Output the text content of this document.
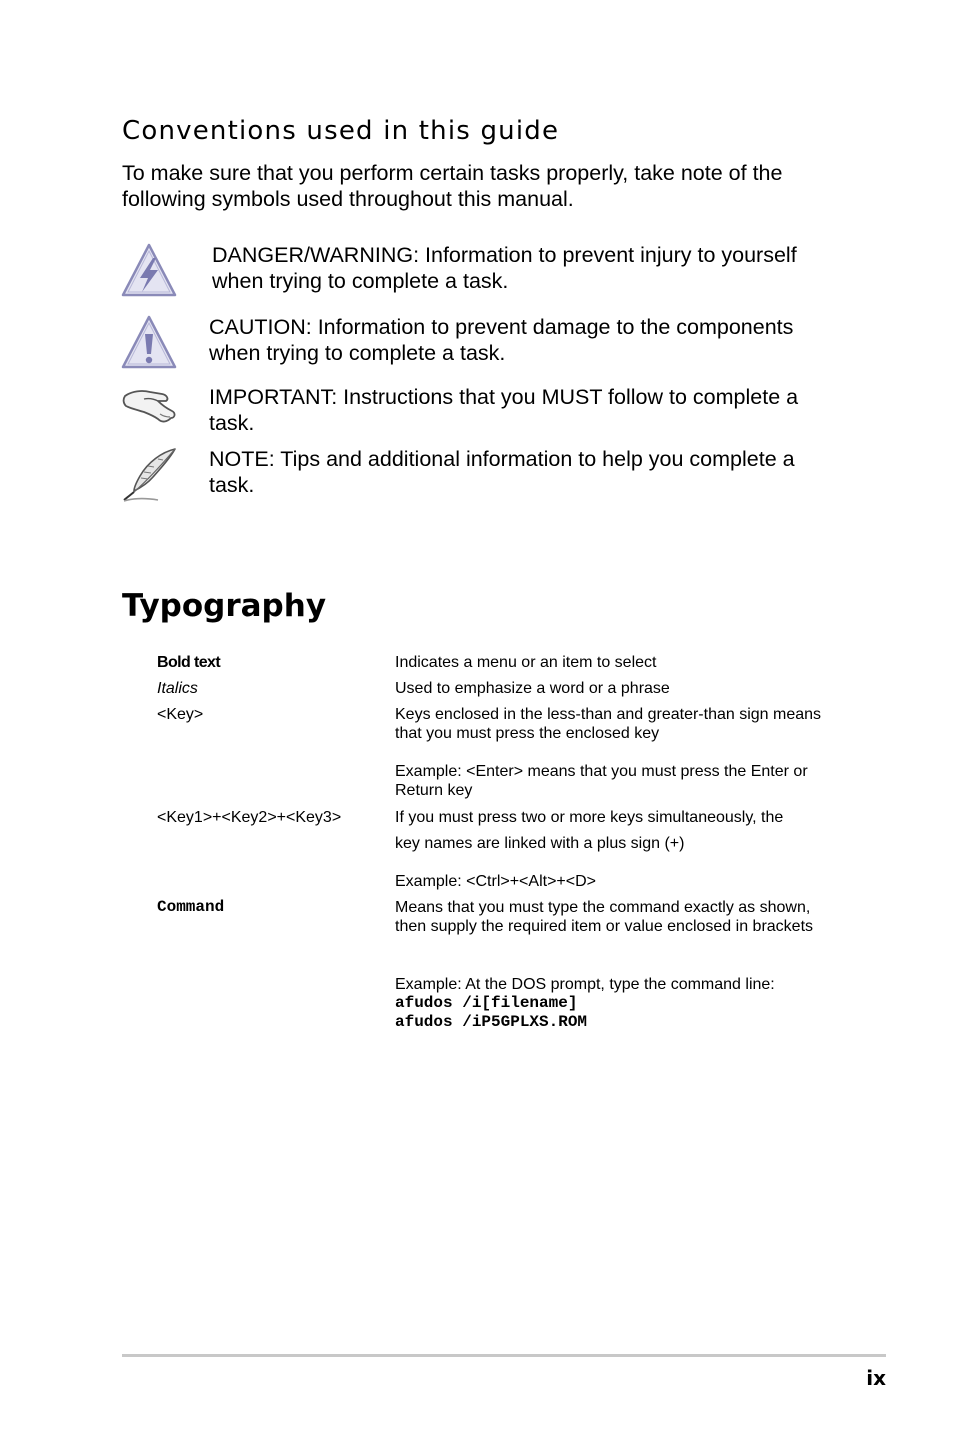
Conventions used in this guide
To make sure that you perform certain tasks properly, take note of the following symbols used throughout this manual.
DANGER/WARNING: Information to prevent injury to yourself when trying to complete a task.
CAUTION: Information to prevent damage to the components when trying to complete a task.
IMPORTANT: Instructions that you MUST follow to complete a task.
NOTE: Tips and additional information to help you complete a task.
Typography
Bold text	Indicates a menu or an item to select
Italics	Used to emphasize a word or a phrase
<Key>	Keys enclosed in the less-than and greater-than sign means that you must press the enclosed key
Example: <Enter> means that you must press the Enter or Return key
<Key1>+<Key2>+<Key3>	If you must press two or more keys simultaneously, the
key names are linked with a plus sign (+)
Example: <Ctrl>+<Alt>+<D>
Command	Means that you must type the command exactly as shown, then supply the required item or value enclosed in brackets
Example: At the DOS prompt, type the command line:
afudos /i[filename]
afudos /iP5GPLXS.ROM
ix
